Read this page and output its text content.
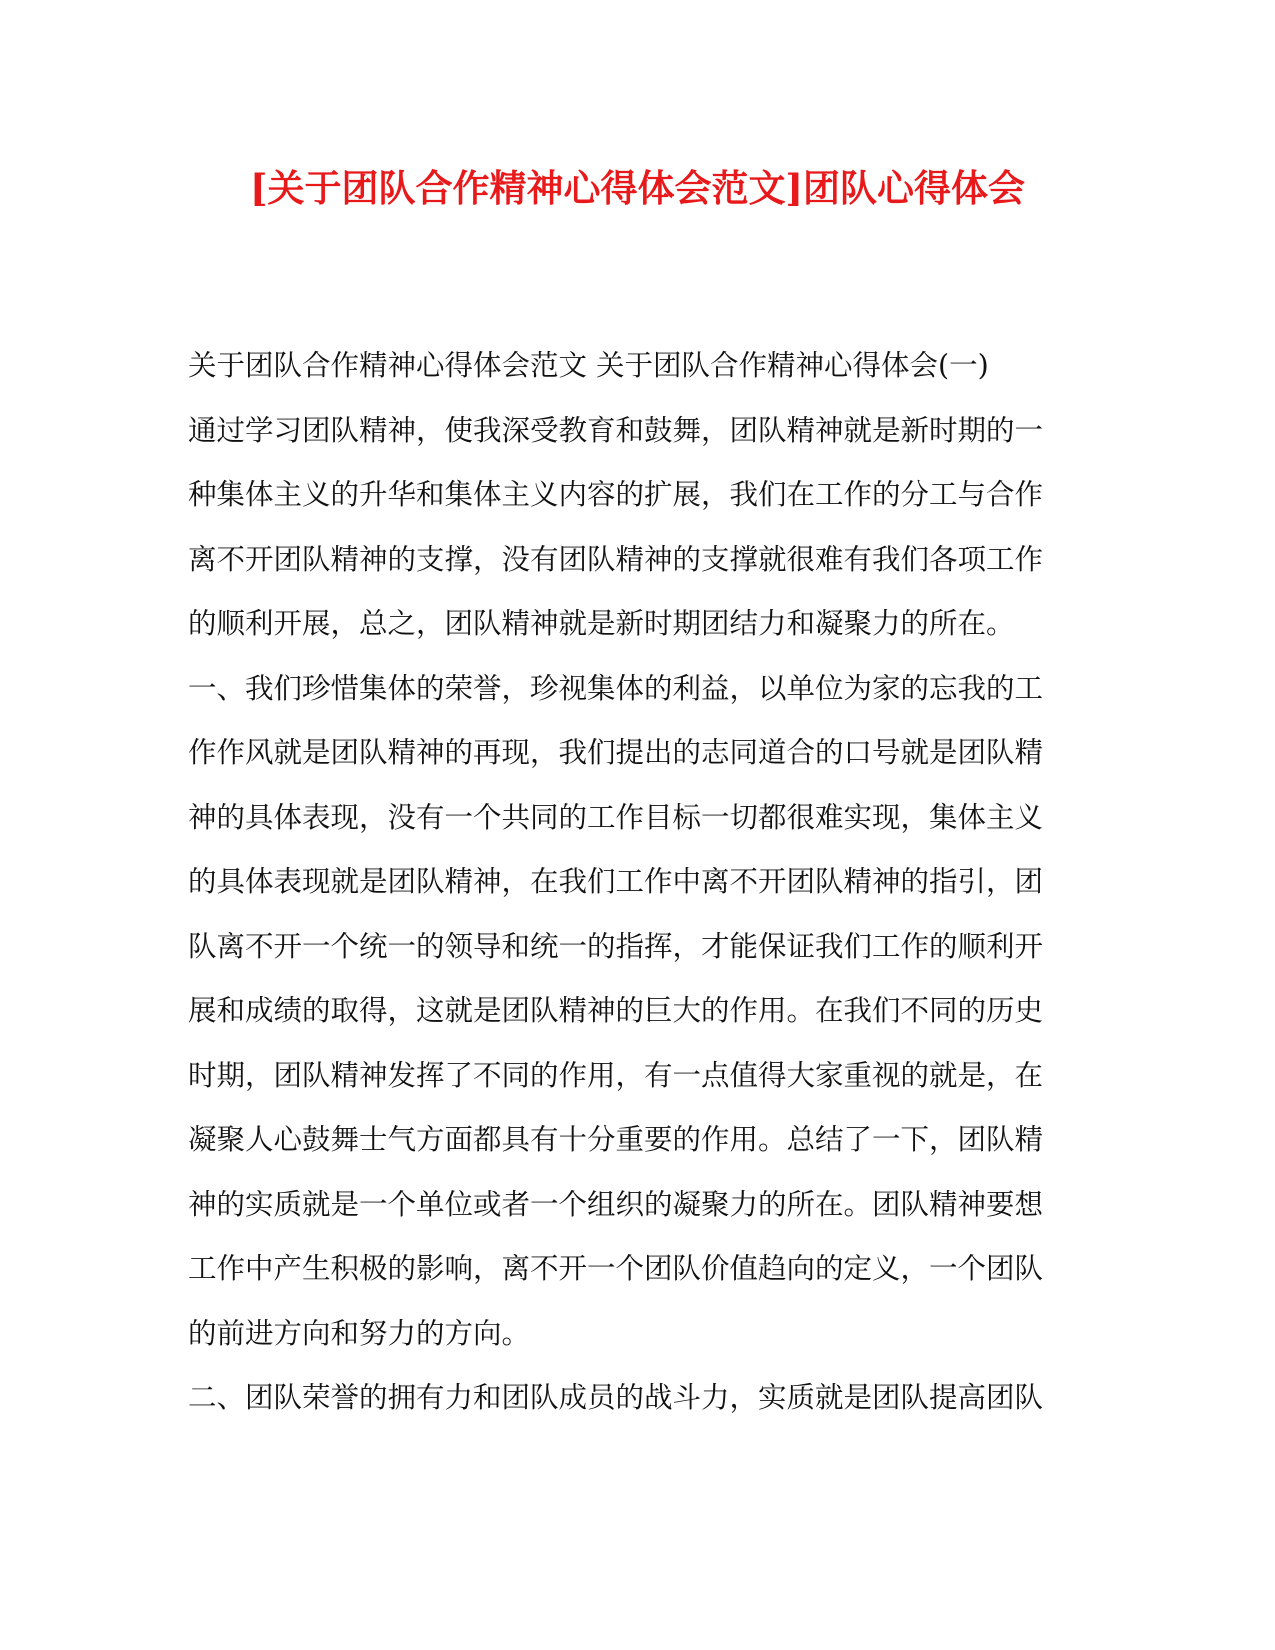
[关于团队合作精神心得体会范文]团队心得体会
关于团队合作精神心得体会范文 关于团队合作精神心得体会(一)
通过学习团队精神，使我深受教育和鼓舞，团队精神就是新时期的一
种集体主义的升华和集体主义内容的扩展，我们在工作的分工与合作
离不开团队精神的支撑，没有团队精神的支撑就很难有我们各项工作
的顺利开展，总之，团队精神就是新时期团结力和凝聚力的所在。
一、我们珍惜集体的荣誉，珍视集体的利益，以单位为家的忘我的工
作作风就是团队精神的再现，我们提出的志同道合的口号就是团队精
神的具体表现，没有一个共同的工作目标一切都很难实现，集体主义
的具体表现就是团队精神，在我们工作中离不开团队精神的指引，团
队离不开一个统一的领导和统一的指挥，才能保证我们工作的顺利开
展和成绩的取得，这就是团队精神的巨大的作用。在我们不同的历史
时期，团队精神发挥了不同的作用，有一点值得大家重视的就是，在
凝聚人心鼓舞士气方面都具有十分重要的作用。总结了一下，团队精
神的实质就是一个单位或者一个组织的凝聚力的所在。团队精神要想
工作中产生积极的影响，离不开一个团队价值趋向的定义，一个团队
的前进方向和努力的方向。
二、团队荣誉的拥有力和团队成员的战斗力，实质就是团队提高团队
